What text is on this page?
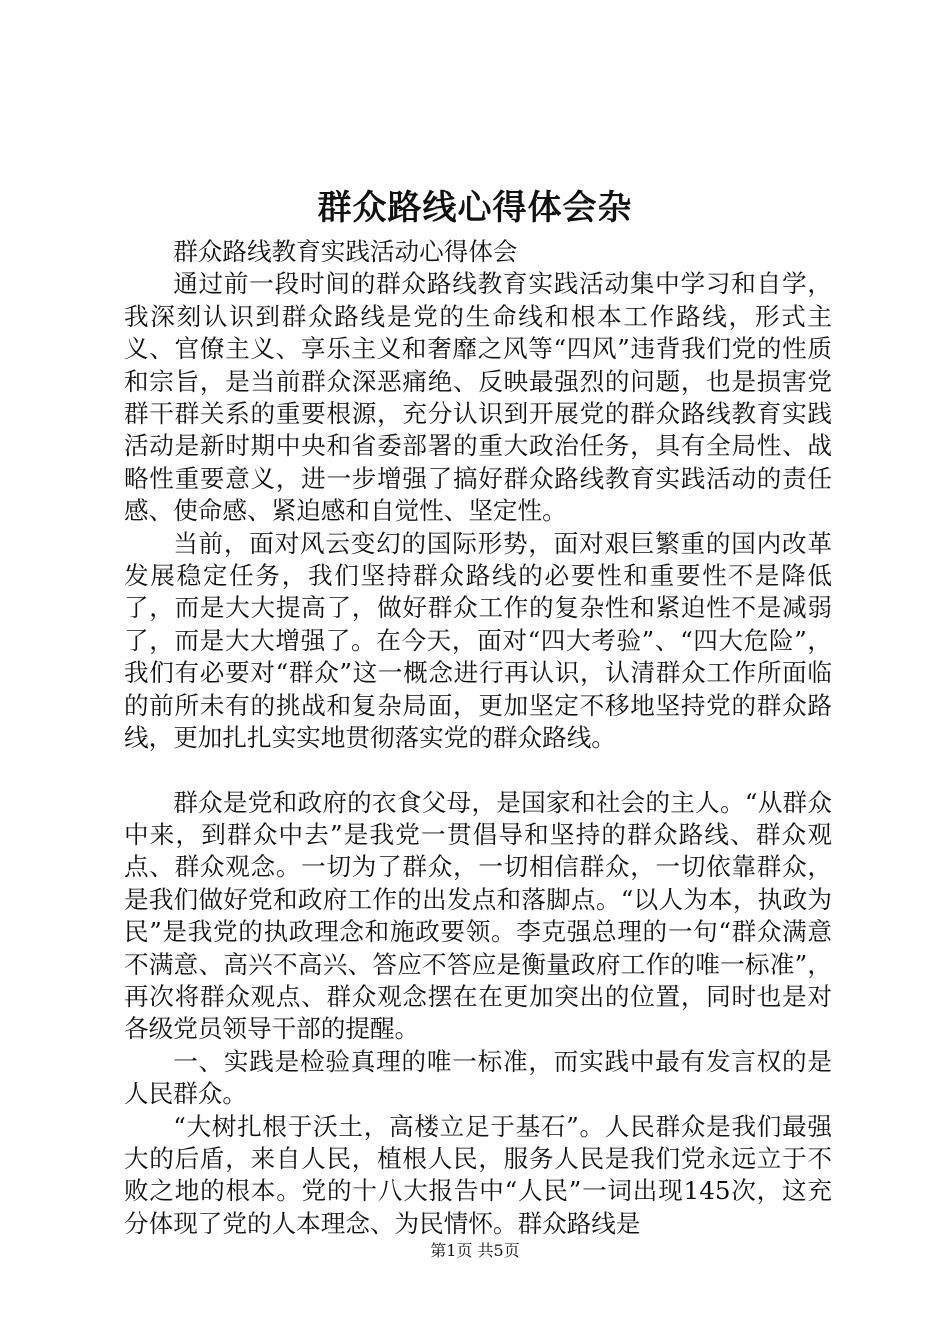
群众路线心得体会杂

群众路线教育实践活动心得体会

通过前一段时间的群众路线教育实践活动集中学习和自学，我深刻认识到群众路线是党的生命线和根本工作路线，形式主义、官僚主义、享乐主义和奢靡之风等“四风”违背我们党的性质和宗旨，是当前群众深恶痛绝、反映最强烈的问题，也是损害党群干群关系的重要根源，充分认识到开展党的群众路线教育实践活动是新时期中央和省委部署的重大政治任务，具有全局性、战略性重要意义，进一步增强了搞好群众路线教育实践活动的责任感、使命感、紧迫感和自觉性、坚定性。

当前，面对风云变幻的国际形势，面对艰巨繁重的国内改革发展稳定任务，我们坚持群众路线的必要性和重要性不是降低了，而是大大提高了，做好群众工作的复杂性和紧迫性不是减弱了，而是大大增强了。在今天，面对“四大考验”、“四大危险”，我们有必要对“群众”这一概念进行再认识，认清群众工作所面临的前所未有的挑战和复杂局面，更加坚定不移地坚持党的群众路线，更加扎扎实实地贯彻落实党的群众路线。

群众是党和政府的衣食父母，是国家和社会的主人。“从群众中来，到群众中去”是我党一贯倡导和坚持的群众路线、群众观点、群众观念。一切为了群众，一切相信群众，一切依靠群众，是我们做好党和政府工作的出发点和落脚点。“以人为本，执政为民”是我党的执政理念和施政要领。李克强总理的一句“群众满意不满意、高兴不高兴、答应不答应是衡量政府工作的唯一标准”，再次将群众观点、群众观念摆在在更加突出的位置，同时也是对各级党员领导干部的提醒。

一、实践是检验真理的唯一标准，而实践中最有发言权的是人民群众。

“大树扎根于沃土，高楼立足于基石”。人民群众是我们最强大的后盾，来自人民，植根人民，服务人民是我们党永远立于不败之地的根本。党的十八大报告中“人民”一词出现145次，这充分体现了党的人本理念、为民情怀。群众路线是

第1页 共5页
